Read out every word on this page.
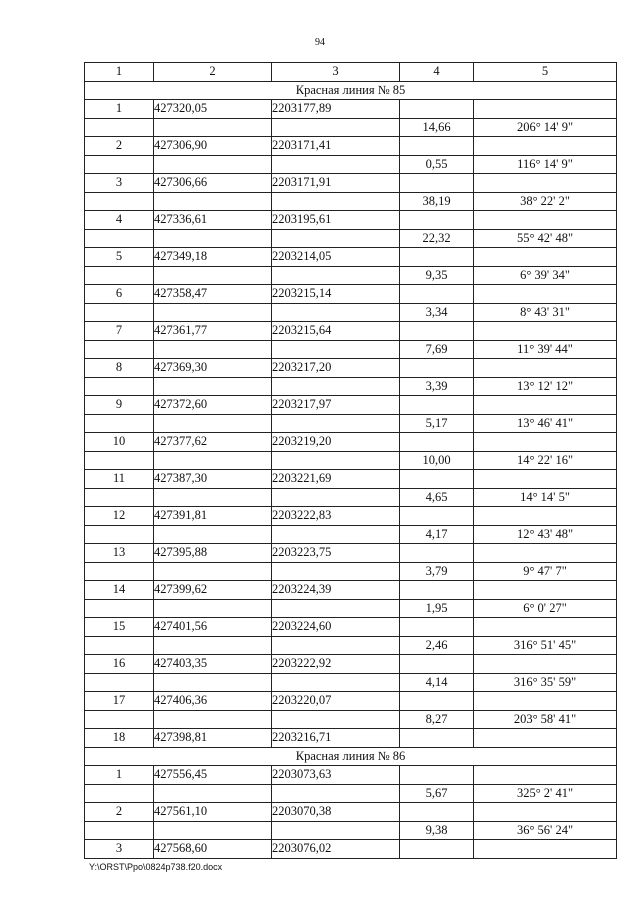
94
1	2	3	4	5
Красная линия № 85				
1	427320,05	2203177,89		
			14,66	206° 14' 9"
2	427306,90	2203171,41		
			0,55	116° 14' 9"
3	427306,66	2203171,91		
			38,19	38° 22' 2"
4	427336,61	2203195,61		
			22,32	55° 42' 48"
5	427349,18	2203214,05		
			9,35	6° 39' 34"
6	427358,47	2203215,14		
			3,34	8° 43' 31"
7	427361,77	2203215,64		
			7,69	11° 39' 44"
8	427369,30	2203217,20		
			3,39	13° 12' 12"
9	427372,60	2203217,97		
			5,17	13° 46' 41"
10	427377,62	2203219,20		
			10,00	14° 22' 16"
11	427387,30	2203221,69		
			4,65	14° 14' 5"
12	427391,81	2203222,83		
			4,17	12° 43' 48"
13	427395,88	2203223,75		
			3,79	9° 47' 7"
14	427399,62	2203224,39		
			1,95	6° 0' 27"
15	427401,56	2203224,60		
			2,46	316° 51' 45"
16	427403,35	2203222,92		
			4,14	316° 35' 59"
17	427406,36	2203220,07		
			8,27	203° 58' 41"
18	427398,81	2203216,71		
Красная линия № 86				
1	427556,45	2203073,63		
			5,67	325° 2' 41"
2	427561,10	2203070,38		
			9,38	36° 56' 24"
3	427568,60	2203076,02		
Y:\ORST\Ppo\0824p738.f20.docx
